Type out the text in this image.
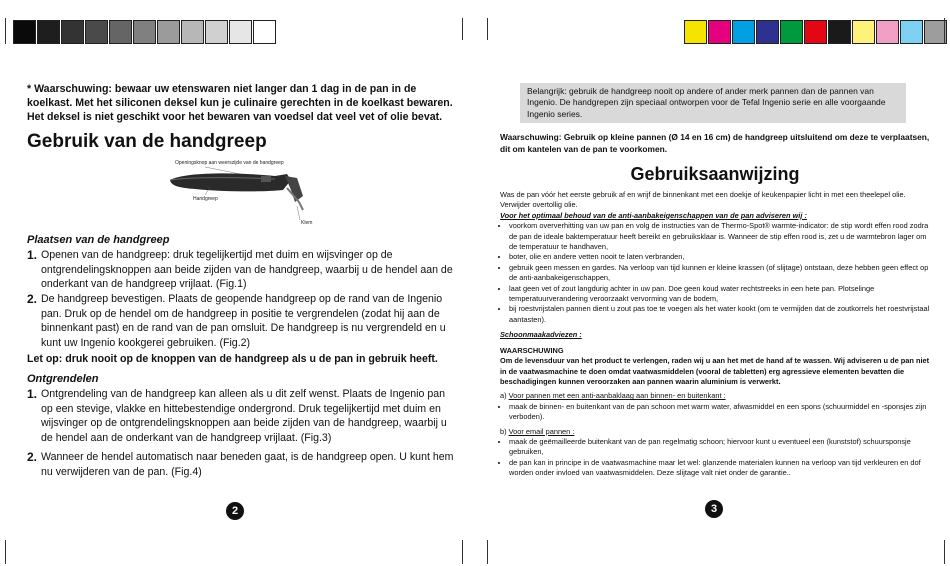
* Waarschuwing: bewaar uw etenswaren niet langer dan 1 dag in de pan in de koelkast. Met het siliconen deksel kun je culinaire gerechten in de koelkast bewaren. Het deksel is niet geschikt voor het bewaren van voedsel dat veel vet of olie bevat.
Gebruik van de handgreep
Openingsknop aan weerszijde van de handgreep
Handgreep
Klem
Plaatsen van de handgreep
1. Openen van de handgreep: druk tegelijkertijd met duim en wijsvinger op de ontgrendelingsknoppen aan beide zijden van de handgreep, waarbij u de hendel aan de onderkant van de handgreep vrijlaat. (Fig.1)
2. De handgreep bevestigen. Plaats de geopende handgreep op de rand van de Ingenio pan. Druk op de hendel om de handgreep in positie te vergrendelen (zodat hij aan de binnenkant past) en de rand van de pan omsluit. De handgreep is nu vergrendeld en u kunt uw Ingenio kookgerei gebruiken. (Fig.2)
Let op: druk nooit op de knoppen van de handgreep als u de pan in gebruik heeft.
Ontgrendelen
1. Ontgrendeling van de handgreep kan alleen als u dit zelf wenst. Plaats de Ingenio pan op een stevige, vlakke en hittebestendige ondergrond. Druk tegelijkertijd met duim en wijsvinger op de ontgrendelingsknoppen aan beide zijden van de handgreep, waarbij u de hendel aan de onderkant van de handgreep vrijlaat. (Fig.3)
2. Wanneer de hendel automatisch naar beneden gaat, is de handgreep open. U kunt hem nu verwijderen van de pan. (Fig.4)
2
Belangrijk: gebruik de handgreep nooit op andere of ander merk pannen dan de pannen van Ingenio. De handgrepen zijn speciaal ontworpen voor de Tefal Ingenio serie en alle voorgaande Ingenio series.
Waarschuwing: Gebruik op kleine pannen (Ø 14 en 16 cm) de handgreep uitsluitend om deze te verplaatsen, dit om kantelen van de pan te voorkomen.
Gebruiksaanwijzing
Was de pan vóór het eerste gebruik af en wrijf de binnenkant met een doekje of keukenpapier licht in met een theelepel olie. Verwijder overtollig olie.
Voor het optimaal behoud van de anti-aanbakeigenschappen van de pan adviseren wij :
• voorkom oververhitting van uw pan en volg de instructies van de Thermo-Spot® warmte-indicator: de stip wordt effen rood zodra de pan de ideale baktemperatuur heeft bereikt en gebruiksklaar is. Wanneer de stip effen rood is, zet u de warmtebron lager om de temperatuur te handhaven,
• boter, olie en andere vetten nooit te laten verbranden,
• gebruik geen messen en gardes. Na verloop van tijd kunnen er kleine krassen (of slijtage) ontstaan, deze hebben geen effect op de anti-aanbakeigenschappen,
• laat geen vet of zout langdurig achter in uw pan. Doe geen koud water rechtstreeks in een hete pan. Plotselinge temperatuurverandering veroorzaakt vervorming van de bodem,
• bij roestvrijstalen pannen dient u zout pas toe te voegen als het water kookt (om te vermijden dat de zoutkorrels het roestvrijstaal aantasten).
Schoonmaakadviezen :
WAARSCHUWING
Om de levensduur van het product te verlengen, raden wij u aan het met de hand af te wassen. Wij adviseren u de pan niet in de vaatwasmachine te doen omdat vaatwasmiddelen (vooral de tabletten) erg agressieve elementen bevatten die beschadigingen kunnen veroorzaken aan pannen waarin aluminium is verwerkt.
a) Voor pannen met een anti-aanbaklaag aan binnen- en buitenkant :
• maak de binnen- en buitenkant van de pan schoon met warm water, afwasmiddel en een spons (schuurmiddel en -sponsjes zijn verboden).
b) Voor email pannen :
• maak de geëmailleerde buitenkant van de pan regelmatig schoon; hiervoor kunt u eventueel een (kunststof) schuursponsje gebruiken,
• de pan kan in principe in de vaatwasmachine maar let wel: glanzende materialen kunnen na verloop van tijd verkleuren en dof worden onder invloed van vaatwasmiddelen. Deze slijtage valt niet onder de garantie..
3
